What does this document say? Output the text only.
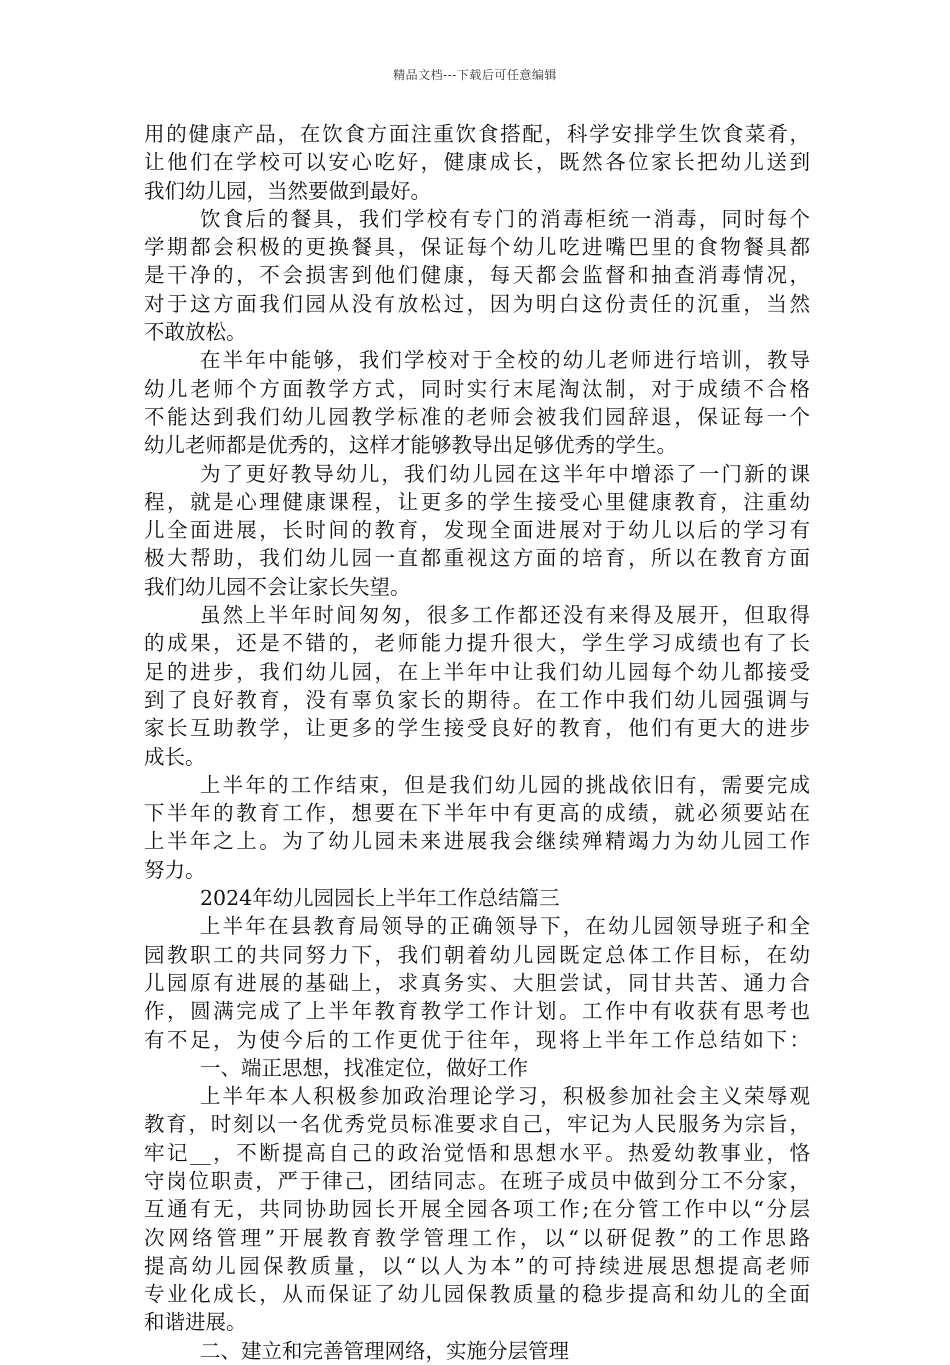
精品文档---下载后可任意编辑
用的健康产品，在饮食方面注重饮食搭配，科学安排学生饮食菜肴，
让他们在学校可以安心吃好，健康成长，既然各位家长把幼儿送到
我们幼儿园，当然要做到最好。
饮食后的餐具，我们学校有专门的消毒柜统一消毒，同时每个
学期都会积极的更换餐具，保证每个幼儿吃进嘴巴里的食物餐具都
是干净的，不会损害到他们健康，每天都会监督和抽查消毒情况，
对于这方面我们园从没有放松过，因为明白这份责任的沉重，当然
不敢放松。
在半年中能够，我们学校对于全校的幼儿老师进行培训，教导
幼儿老师个方面教学方式，同时实行末尾淘汰制，对于成绩不合格
不能达到我们幼儿园教学标准的老师会被我们园辞退，保证每一个
幼儿老师都是优秀的，这样才能够教导出足够优秀的学生。
为了更好教导幼儿，我们幼儿园在这半年中增添了一门新的课
程，就是心理健康课程，让更多的学生接受心里健康教育，注重幼
儿全面进展，长时间的教育，发现全面进展对于幼儿以后的学习有
极大帮助，我们幼儿园一直都重视这方面的培育，所以在教育方面
我们幼儿园不会让家长失望。
虽然上半年时间匆匆，很多工作都还没有来得及展开，但取得
的成果，还是不错的，老师能力提升很大，学生学习成绩也有了长
足的进步，我们幼儿园，在上半年中让我们幼儿园每个幼儿都接受
到了良好教育，没有辜负家长的期待。在工作中我们幼儿园强调与
家长互助教学，让更多的学生接受良好的教育，他们有更大的进步
成长。
上半年的工作结束，但是我们幼儿园的挑战依旧有，需要完成
下半年的教育工作，想要在下半年中有更高的成绩，就必须要站在
上半年之上。为了幼儿园未来进展我会继续殚精竭力为幼儿园工作
努力。
2024年幼儿园园长上半年工作总结篇三
上半年在县教育局领导的正确领导下，在幼儿园领导班子和全
园教职工的共同努力下，我们朝着幼儿园既定总体工作目标，在幼
儿园原有进展的基础上，求真务实、大胆尝试，同甘共苦、通力合
作，圆满完成了上半年教育教学工作计划。工作中有收获有思考也
有不足，为使今后的工作更优于往年，现将上半年工作总结如下：
一、端正思想，找准定位，做好工作
上半年本人积极参加政治理论学习，积极参加社会主义荣辱观
教育，时刻以一名优秀党员标准要求自己，牢记为人民服务为宗旨，
牢记__，不断提高自己的政治觉悟和思想水平。热爱幼教事业，恪
守岗位职责，严于律己，团结同志。在班子成员中做到分工不分家，
互通有无，共同协助园长开展全园各项工作;在分管工作中以“分层
次网络管理”开展教育教学管理工作，以“以研促教”的工作思路
提高幼儿园保教质量，以“以人为本”的可持续进展思想提高老师
专业化成长，从而保证了幼儿园保教质量的稳步提高和幼儿的全面
和谐进展。
二、建立和完善管理网络，实施分层管理
